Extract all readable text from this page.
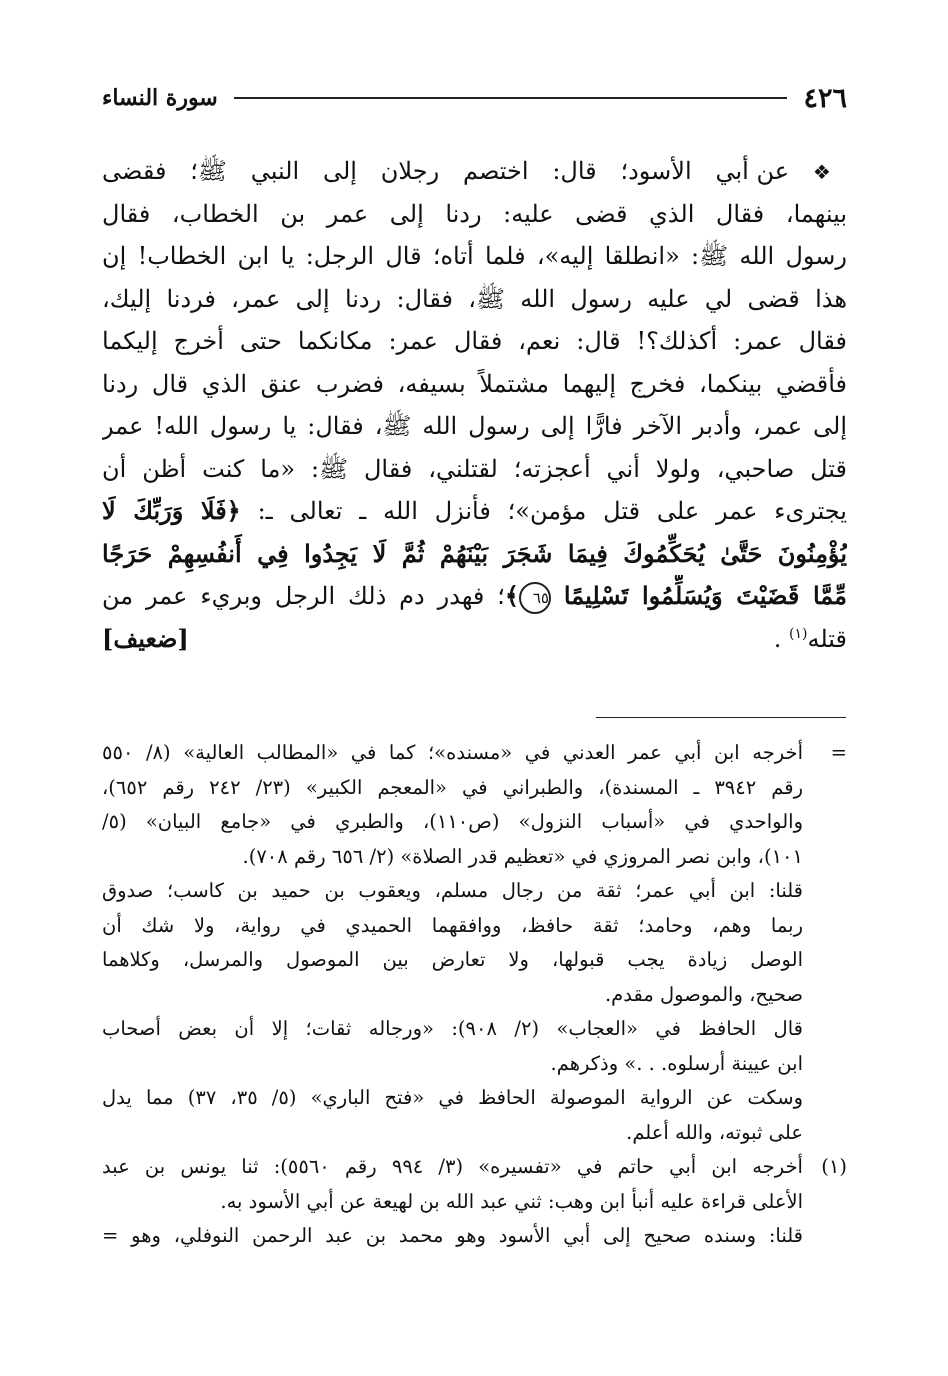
٤٢٦
سورة النساء
❖ عن أبي الأسود؛ قال: اختصم رجلان إلى النبي ﷺ؛ فقضى
بينهما، فقال الذي قضى عليه: ردنا إلى عمر بن الخطاب، فقال
رسول الله ﷺ: «انطلقا إليه»، فلما أتاه؛ قال الرجل: يا ابن الخطاب! إن
هذا قضى لي عليه رسول الله ﷺ، فقال: ردنا إلى عمر، فردنا إليك،
فقال عمر: أكذلك؟! قال: نعم، فقال عمر: مكانكما حتى أخرج إليكما
فأقضي بينكما، فخرج إليهما مشتملاً بسيفه، فضرب عنق الذي قال ردنا
إلى عمر، وأدبر الآخر فارًّا إلى رسول الله ﷺ، فقال: يا رسول الله! عمر
قتل صاحبي، ولولا أني أعجزته؛ لقتلني، فقال ﷺ: «ما كنت أظن أن
يجترىء عمر على قتل مؤمن»؛ فأنزل الله ـ تعالى ـ: ﴿فَلَا وَرَبِّكَ لَا
يُؤْمِنُونَ حَتَّىٰ يُحَكِّمُوكَ فِيمَا شَجَرَ بَيْنَهُمْ ثُمَّ لَا يَجِدُوا فِي أَنفُسِهِمْ حَرَجًا
مِّمَّا قَضَيْتَ وَيُسَلِّمُوا تَسْلِيمًا ٦٥﴾؛ فهدر دم ذلك الرجل وبريء عمر من
قتله$^{(١)}$ .
[ضعيف]
=
أخرجه ابن أبي عمر العدني في «مسنده»؛ كما في «المطالب العالية» (٨/ ٥٥٠
رقم ٣٩٤٢ ـ المسندة)، والطبراني في «المعجم الكبير» (٢٣/ ٢٤٢ رقم ٦٥٢)،
والواحدي في «أسباب النزول» (ص١١٠)، والطبري في «جامع البيان» (٥/
١٠١)، وابن نصر المروزي في «تعظيم قدر الصلاة» (٢/ ٦٥٦ رقم ٧٠٨).
قلنا: ابن أبي عمر؛ ثقة من رجال مسلم، ويعقوب بن حميد بن كاسب؛ صدوق
ربما وهم، وحامد؛ ثقة حافظ، ووافقهما الحميدي في رواية، ولا شك أن
الوصل زيادة يجب قبولها، ولا تعارض بين الموصول والمرسل، وكلاهما
صحيح، والموصول مقدم.
قال الحافظ في «العجاب» (٢/ ٩٠٨): «ورجاله ثقات؛ إلا أن بعض أصحاب
ابن عيينة أرسلوه. . .» وذكرهم.
وسكت عن الرواية الموصولة الحافظ في «فتح الباري» (٥/ ٣٥، ٣٧) مما يدل
على ثبوته، والله أعلم.
(١)
أخرجه ابن أبي حاتم في «تفسيره» (٣/ ٩٩٤ رقم ٥٥٦٠): ثنا يونس بن عبد
الأعلى قراءة عليه أنبأ ابن وهب: ثني عبد الله بن لهيعة عن أبي الأسود به.
قلنا: وسنده صحيح إلى أبي الأسود وهو محمد بن عبد الرحمن النوفلي، وهو =
